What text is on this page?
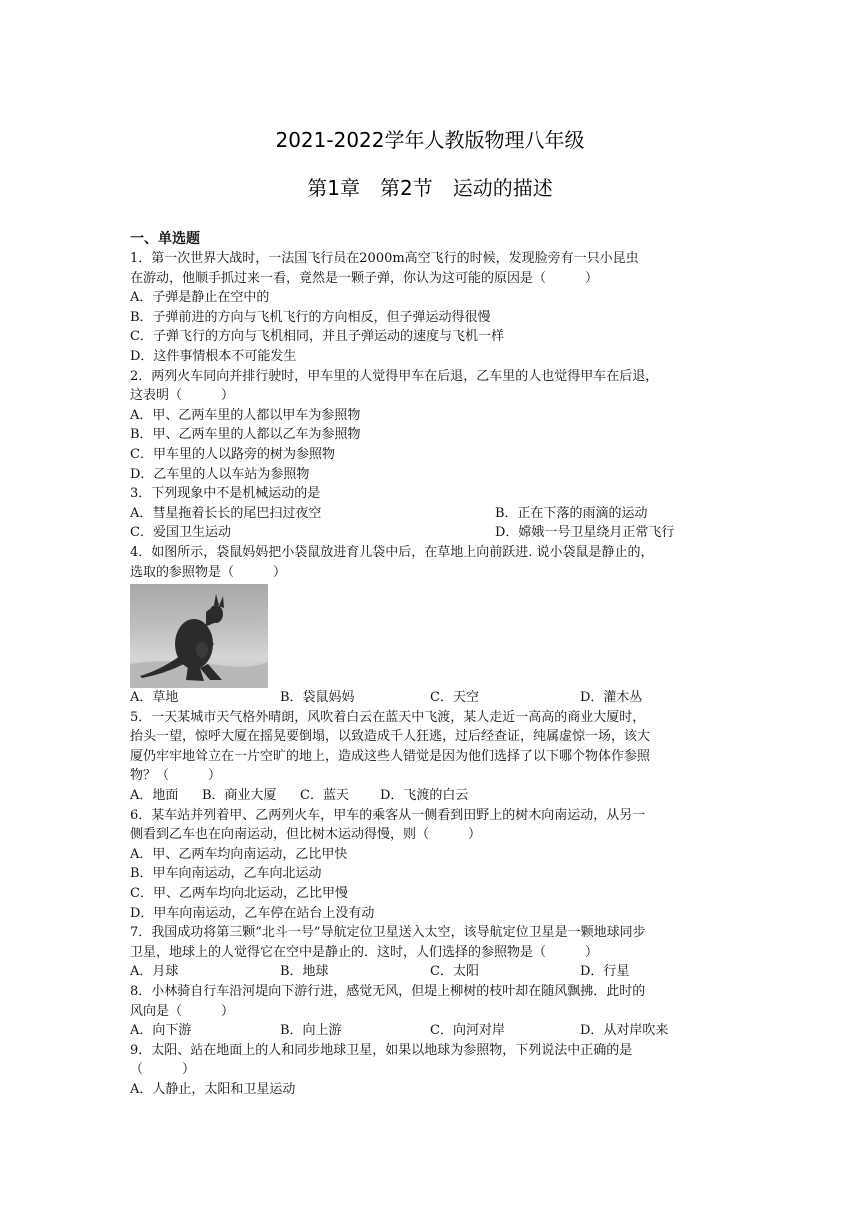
2021-2022学年人教版物理八年级
第1章　第2节　运动的描述
一、单选题
1．第一次世界大战时，一法国飞行员在2000m高空飞行的时候，发现脸旁有一只小昆虫
在游动，他顺手抓过来一看，竟然是一颗子弹，你认为这可能的原因是（　　　）
A．子弹是静止在空中的
B．子弹前进的方向与飞机飞行的方向相反，但子弹运动得很慢
C．子弹飞行的方向与飞机相同，并且子弹运动的速度与飞机一样
D．这件事情根本不可能发生
2．两列火车同向并排行驶时，甲车里的人觉得甲车在后退，乙车里的人也觉得甲车在后退，
这表明（　　　）
A．甲、乙两车里的人都以甲车为参照物
B．甲、乙两车里的人都以乙车为参照物
C．甲车里的人以路旁的树为参照物
D．乙车里的人以车站为参照物
3．下列现象中不是机械运动的是
A．彗星拖着长长的尾巴扫过夜空	B．正在下落的雨滴的运动
C．爱国卫生运动	D．嫦娥一号卫星绕月正常飞行
4．如图所示，袋鼠妈妈把小袋鼠放进育儿袋中后，在草地上向前跃进. 说小袋鼠是静止的，
选取的参照物是（　　　）
A．草地	B．袋鼠妈妈	C．天空	D．灌木丛
5．一天某城市天气格外晴朗，风吹着白云在蓝天中飞渡，某人走近一高高的商业大厦时，
抬头一望，惊呼大厦在摇晃要倒塌，以致造成千人狂逃，过后经查证，纯属虚惊一场，该大
厦仍牢牢地耸立在一片空旷的地上，造成这些人错觉是因为他们选择了以下哪个物体作参照
物？（　　　）
A．地面 B．商业大厦 C．蓝天 D．飞渡的白云
6．某车站并列着甲、乙两列火车，甲车的乘客从一侧看到田野上的树木向南运动，从另一
侧看到乙车也在向南运动，但比树木运动得慢，则（　　　）
A．甲、乙两车均向南运动，乙比甲快
B．甲车向南运动，乙车向北运动
C．甲、乙两车均向北运动，乙比甲慢
D．甲车向南运动，乙车停在站台上没有动
7．我国成功将第三颗“北斗一号”导航定位卫星送入太空，该导航定位卫星是一颗地球同步
卫星，地球上的人觉得它在空中是静止的．这时，人们选择的参照物是（　　　）
A．月球	B．地球	C．太阳	D．行星
8．小林骑自行车沿河堤向下游行进，感觉无风，但堤上柳树的枝叶却在随风飘拂．此时的
风向是（　　　）
A．向下游	B．向上游	C．向河对岸	D．从对岸吹来
9．太阳、站在地面上的人和同步地球卫星，如果以地球为参照物，下列说法中正确的是
（　　　）
A．人静止，太阳和卫星运动
